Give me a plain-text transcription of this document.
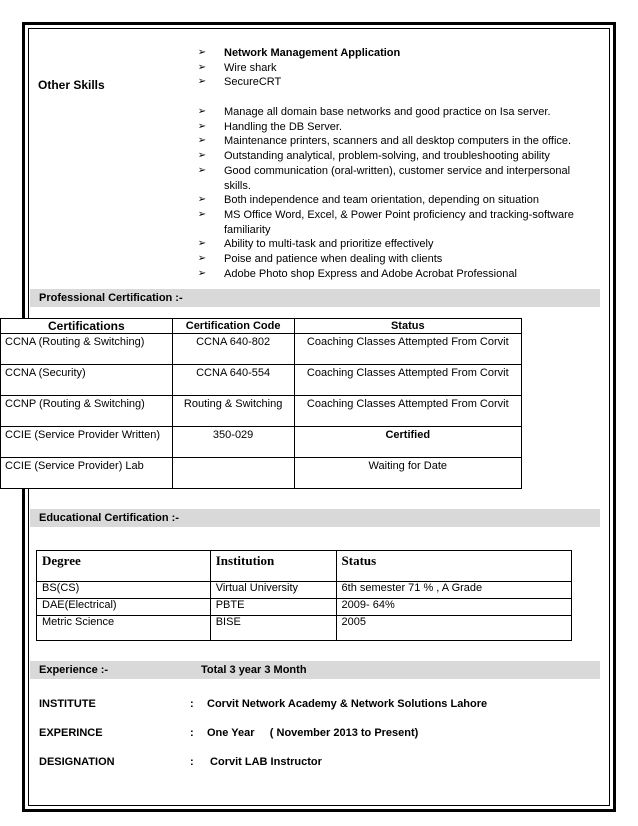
Other Skills
➢ Network Management Application
➢ Wire shark
➢ SecureCRT
➢ Manage all domain base networks and good practice on Isa server.
➢ Handling the DB Server.
➢ Maintenance printers, scanners and all desktop computers in the office.
➢ Outstanding analytical, problem-solving, and troubleshooting ability
➢ Good communication (oral-written), customer service and interpersonal skills.
➢ Both independence and team orientation, depending on situation
➢ MS Office Word, Excel, & Power Point proficiency and tracking-software familiarity
➢ Ability to multi-task and prioritize effectively
➢ Poise and patience when dealing with clients
➢ Adobe Photo shop Express and Adobe Acrobat Professional
Professional Certification :-
Certifications	Certification Code	Status
CCNA (Routing & Switching)	CCNA 640-802	Coaching Classes Attempted From Corvit
CCNA (Security)	CCNA 640-554	Coaching Classes Attempted From Corvit
CCNP (Routing & Switching)	Routing & Switching	Coaching Classes Attempted From Corvit
CCIE (Service Provider Written)	350-029	Certified
CCIE (Service Provider) Lab		Waiting for Date
Educational Certification :-
Degree	Institution	Status
BS(CS)	Virtual University	6th semester 71 % , A Grade
DAE(Electrical)	PBTE	2009- 64%
Metric Science	BISE	2005
Experience :-	Total 3 year 3 Month
INSTITUTE	: Corvit Network Academy & Network Solutions Lahore
EXPERINCE	: One Year     ( November 2013 to Present)
DESIGNATION	: Corvit LAB Instructor
